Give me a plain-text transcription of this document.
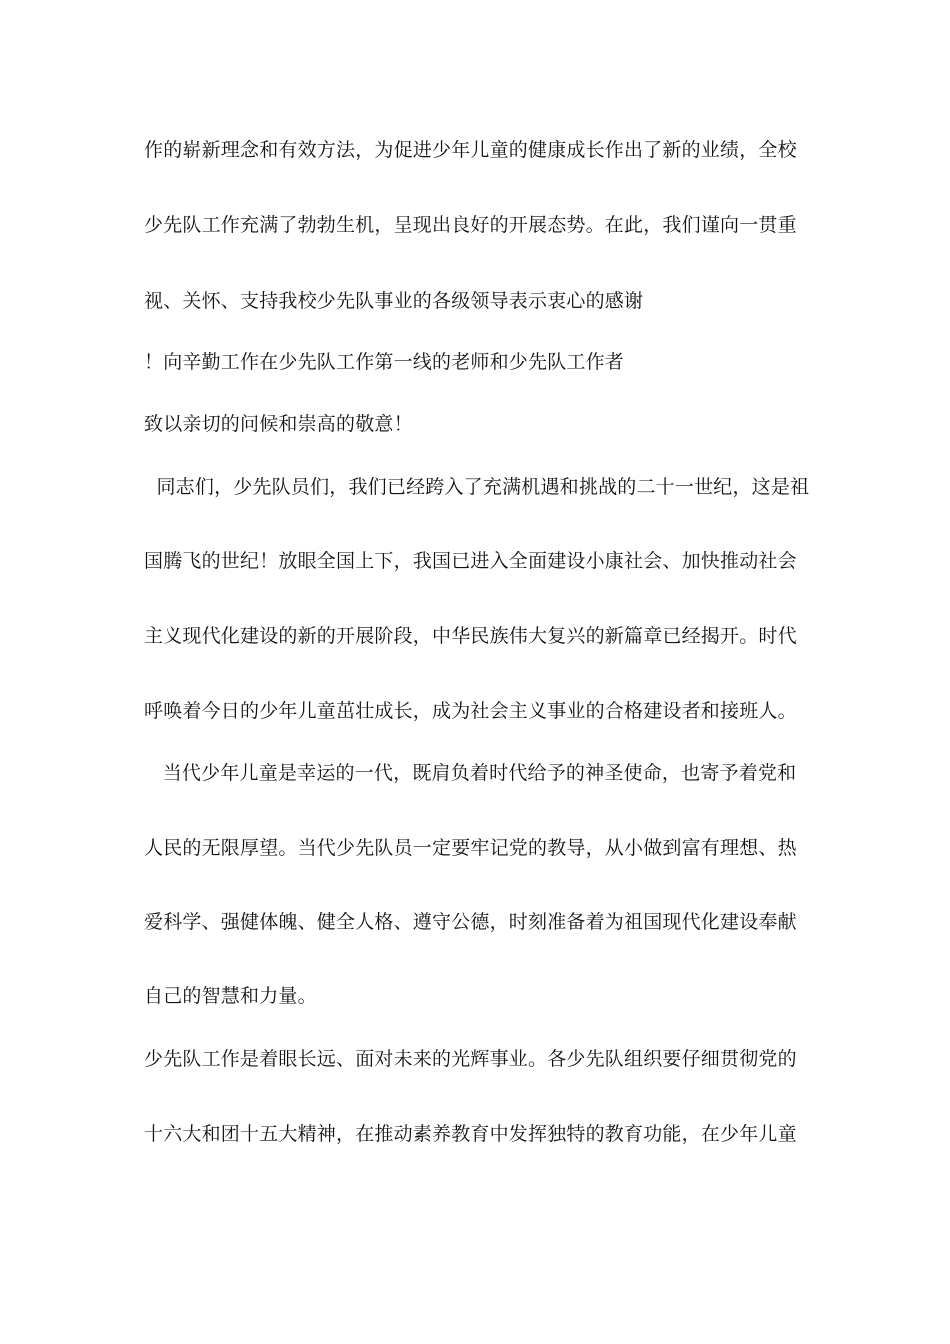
作的崭新理念和有效方法，为促进少年儿童的健康成长作出了新的业绩，全校
少先队工作充满了勃勃生机，呈现出良好的开展态势。在此，我们谨向一贯重
视、关怀、支持我校少先队事业的各级领导表示衷心的感谢
！向辛勤工作在少先队工作第一线的老师和少先队工作者
致以亲切的问候和崇高的敬意！
同志们，少先队员们，我们已经跨入了充满机遇和挑战的二十一世纪，这是祖
国腾飞的世纪！放眼全国上下，我国已进入全面建设小康社会、加快推动社会
主义现代化建设的新的开展阶段，中华民族伟大复兴的新篇章已经揭开。时代
呼唤着今日的少年儿童茁壮成长，成为社会主义事业的合格建设者和接班人。
当代少年儿童是幸运的一代，既肩负着时代给予的神圣使命，也寄予着党和
人民的无限厚望。当代少先队员一定要牢记党的教导，从小做到富有理想、热
爱科学、强健体魄、健全人格、遵守公德，时刻准备着为祖国现代化建设奉献
自己的智慧和力量。
少先队工作是着眼长远、面对未来的光辉事业。各少先队组织要仔细贯彻党的
十六大和团十五大精神，在推动素养教育中发挥独特的教育功能，在少年儿童
